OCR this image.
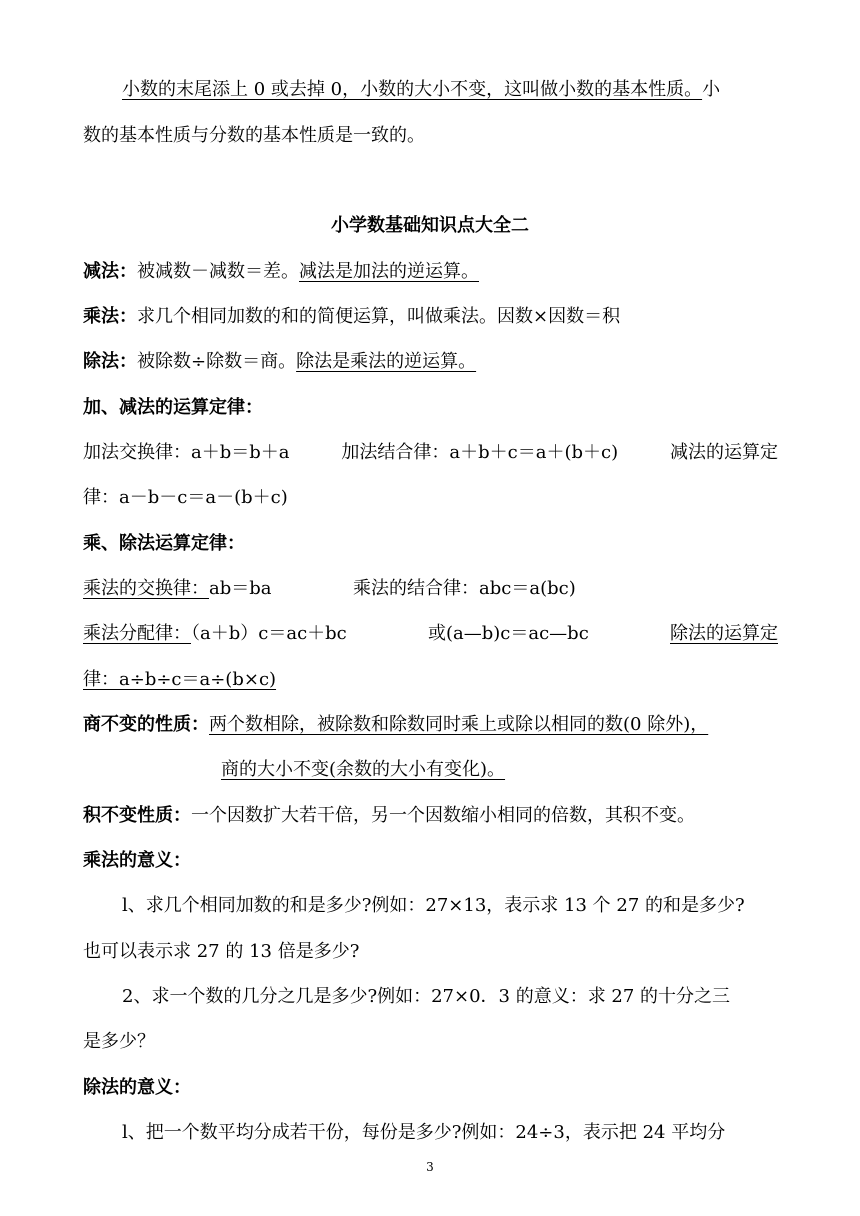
小数的末尾添上 0 或去掉 0，小数的大小不变，这叫做小数的基本性质。小
数的基本性质与分数的基本性质是一致的。
小学数基础知识点大全二
减法：被减数－减数＝差。减法是加法的逆运算。
乘法：求几个相同加数的和的简便运算，叫做乘法。因数×因数＝积
除法：被除数÷除数＝商。除法是乘法的逆运算。
加、减法的运算定律：
加法交换律：a＋b＝b＋a	加法结合律：a＋b＋c＝a＋(b＋c)	减法的运算定
律：a－b－c＝a－(b＋c)
乘、除法运算定律：
乘法的交换律：ab＝ba	乘法的结合律：abc＝a(bc)
乘法分配律：（a＋b）c＝ac＋bc	或(a—b)c＝ac—bc	除法的运算定
律：a÷b÷c＝a÷(b×c)
商不变的性质：两个数相除，被除数和除数同时乘上或除以相同的数(0 除外)，
商的大小不变(余数的大小有变化)。
积不变性质：一个因数扩大若干倍，另一个因数缩小相同的倍数，其积不变。
乘法的意义：
l、求几个相同加数的和是多少?例如：27×13，表示求 13 个 27 的和是多少?
也可以表示求 27 的 13 倍是多少?
2、求一个数的几分之几是多少?例如：27×0．3 的意义：求 27 的十分之三
是多少？
除法的意义：
l、把一个数平均分成若干份，每份是多少?例如：24÷3，表示把 24 平均分
3
